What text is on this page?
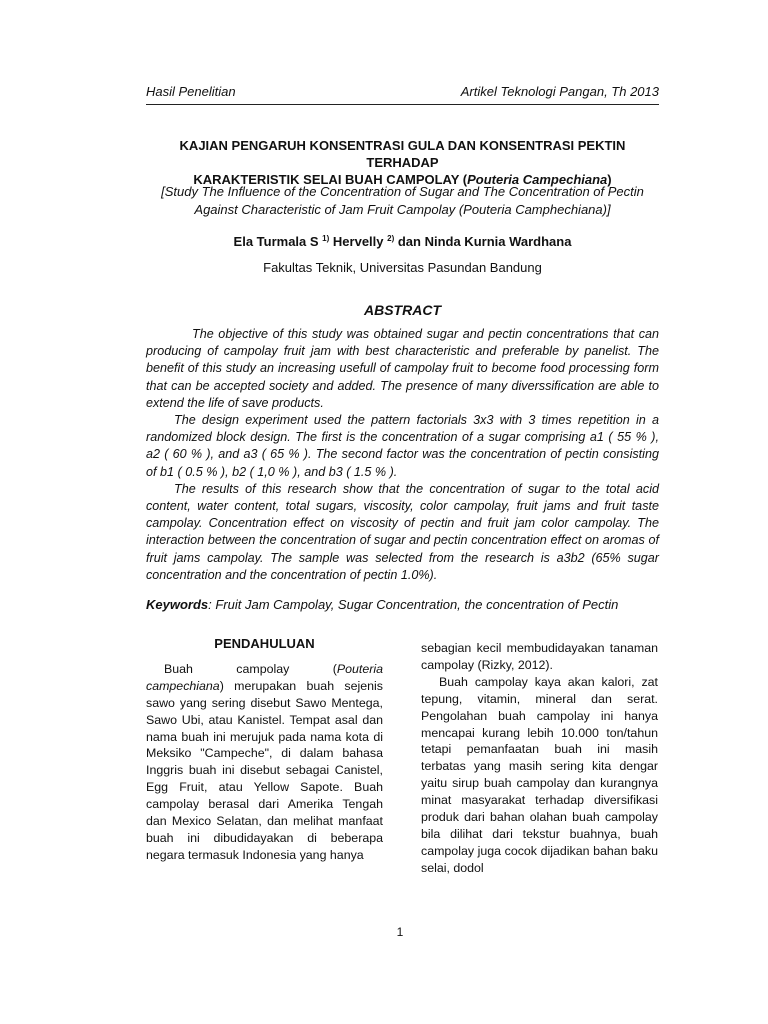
Hasil Penelitian	Artikel Teknologi Pangan, Th 2013
KAJIAN PENGARUH KONSENTRASI GULA DAN KONSENTRASI PEKTIN TERHADAP
KARAKTERISTIK SELAI BUAH CAMPOLAY (Pouteria Campechiana)
[Study The Influence of the Concentration of Sugar and The Concentration of Pectin
Against Characteristic of Jam Fruit Campolay (Pouteria Camphechiana)]
Ela Turmala S $^{1)}$ Hervelly $^{2)}$ dan Ninda Kurnia Wardhana
Fakultas Teknik, Universitas Pasundan Bandung
ABSTRACT

The objective of this study was obtained sugar and pectin concentrations that can producing of campolay fruit jam with best characteristic and preferable by panelist. The benefit of this study an increasing usefull of campolay fruit to become food processing form that can be accepted society and added. The presence of many diverssification are able to extend the life of save products.

The design experiment used the pattern factorials 3x3 with 3 times repetition in a randomized block design. The first is the concentration of a sugar comprising a1 ( 55 % ), a2 ( 60 % ), and a3 ( 65 % ). The second factor was the concentration of pectin consisting of b1 ( 0.5 % ), b2 ( 1,0 % ), and b3 ( 1.5 % ).

The results of this research show that the concentration of sugar to the total acid content, water content, total sugars, viscosity, color campolay, fruit jams and fruit taste campolay. Concentration effect on viscosity of pectin and fruit jam color campolay. The interaction between the concentration of sugar and pectin concentration effect on aromas of fruit jams campolay. The sample was selected from the research is a3b2 (65% sugar concentration and the concentration of pectin 1.0%).

Keywords: Fruit Jam Campolay, Sugar Concentration, the concentration of Pectin
PENDAHULUAN

Buah campolay (Pouteria campechiana) merupakan buah sejenis sawo yang sering disebut Sawo Mentega, Sawo Ubi, atau Kanistel. Tempat asal dan nama buah ini merujuk pada nama kota di Meksiko "Campeche", di dalam bahasa Inggris buah ini disebut sebagai Canistel, Egg Fruit, atau Yellow Sapote. Buah campolay berasal dari Amerika Tengah dan Mexico Selatan, dan melihat manfaat buah ini dibudidayakan di beberapa negara termasuk Indonesia yang hanya

sebagian kecil membudidayakan tanaman campolay (Rizky, 2012).

Buah campolay kaya akan kalori, zat tepung, vitamin, mineral dan serat. Pengolahan buah campolay ini hanya mencapai kurang lebih 10.000 ton/tahun tetapi pemanfaatan buah ini masih terbatas yang masih sering kita dengar yaitu sirup buah campolay dan kurangnya minat masyarakat terhadap diversifikasi produk dari bahan olahan buah campolay bila dilihat dari tekstur buahnya, buah campolay juga cocok dijadikan bahan baku selai, dodol

1
